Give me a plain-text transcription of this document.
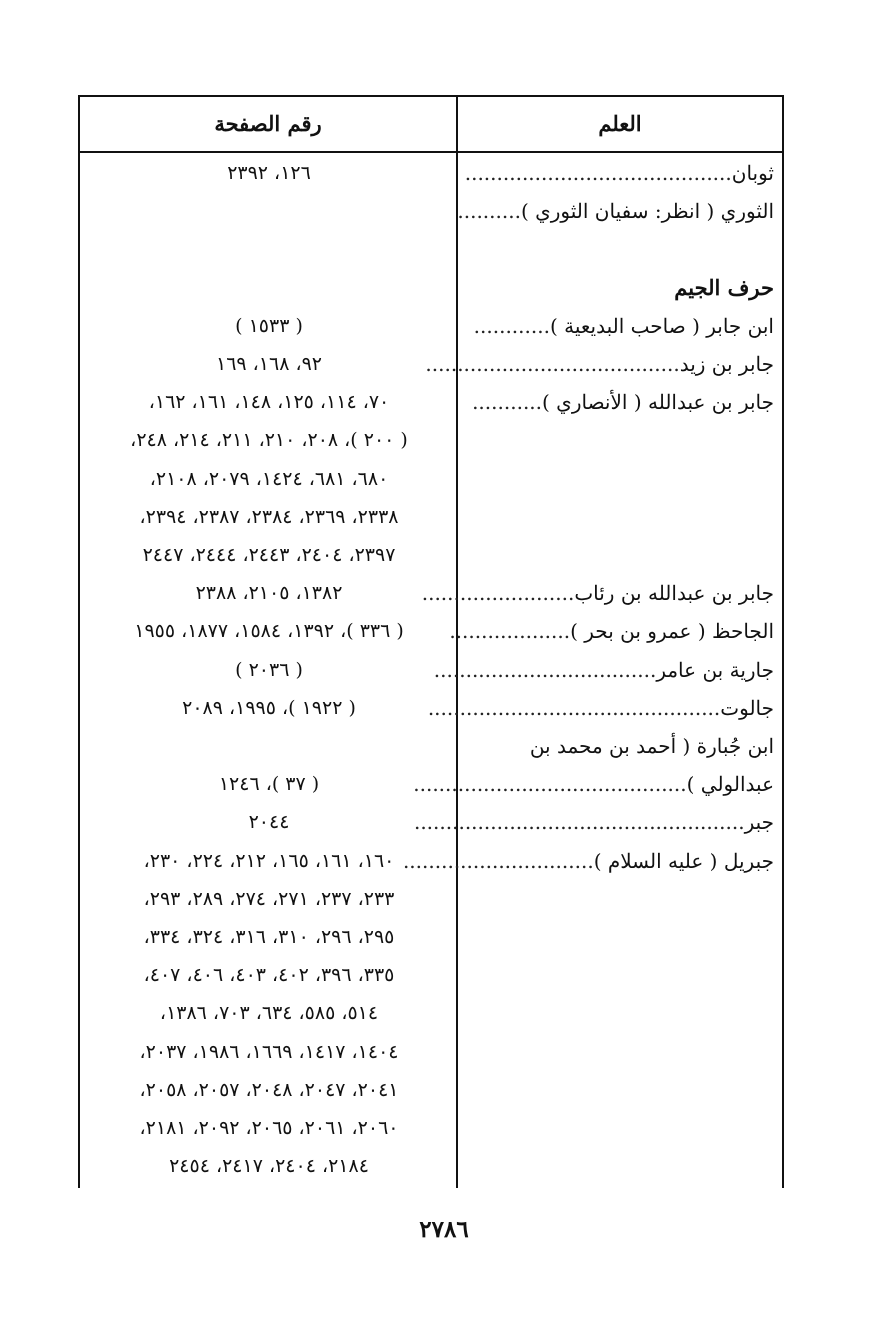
العلم
رقم الصفحة
ثوبان..........................................
١٢٦، ٢٣٩٢
الثوري ( انظر: سفيان الثوري )..........
حرف الجيم
ابن جابر ( صاحب البديعية )............
( ١٥٣٣ )
جابر بن زيد........................................
٩٢، ١٦٨، ١٦٩
جابر بن عبدالله ( الأنصاري )...........
٧٠، ١١٤، ١٢٥، ١٤٨، ١٦١، ١٦٢،
( ٢٠٠ )، ٢٠٨، ٢١٠، ٢١١، ٢١٤، ٢٤٨،
٦٨٠، ٦٨١، ١٤٢٤، ٢٠٧٩، ٢١٠٨،
٢٣٣٨، ٢٣٦٩، ٢٣٨٤، ٢٣٨٧، ٢٣٩٤،
٢٣٩٧، ٢٤٠٤، ٢٤٤٣، ٢٤٤٤، ٢٤٤٧
جابر بن عبدالله بن رئاب........................
١٣٨٢، ٢١٠٥، ٢٣٨٨
الجاحظ ( عمرو بن بحر )...................
( ٣٣٦ )، ١٣٩٢، ١٥٨٤، ١٨٧٧، ١٩٥٥
جارية بن عامر...................................
( ٢٠٣٦ )
جالوت..............................................
( ١٩٢٢ )، ١٩٩٥، ٢٠٨٩
ابن جُبارة ( أحمد بن محمد بن
عبدالولي )...........................................
( ٣٧ )، ١٢٤٦
جبر....................................................
٢٠٤٤
جبريل ( عليه السلام )..............................
١٦٠، ١٦١، ١٦٥، ٢١٢، ٢٢٤، ٢٣٠،
٢٣٣، ٢٣٧، ٢٧١، ٢٧٤، ٢٨٩، ٢٩٣،
٢٩٥، ٢٩٦، ٣١٠، ٣١٦، ٣٢٤، ٣٣٤،
٣٣٥، ٣٩٦، ٤٠٢، ٤٠٣، ٤٠٦، ٤٠٧،
٥١٤، ٥٨٥، ٦٣٤، ٧٠٣، ١٣٨٦،
١٤٠٤، ١٤١٧، ١٦٦٩، ١٩٨٦، ٢٠٣٧،
٢٠٤١، ٢٠٤٧، ٢٠٤٨، ٢٠٥٧، ٢٠٥٨،
٢٠٦٠، ٢٠٦١، ٢٠٦٥، ٢٠٩٢، ٢١٨١،
٢١٨٤، ٢٤٠٤، ٢٤١٧، ٢٤٥٤
٢٧٨٦
